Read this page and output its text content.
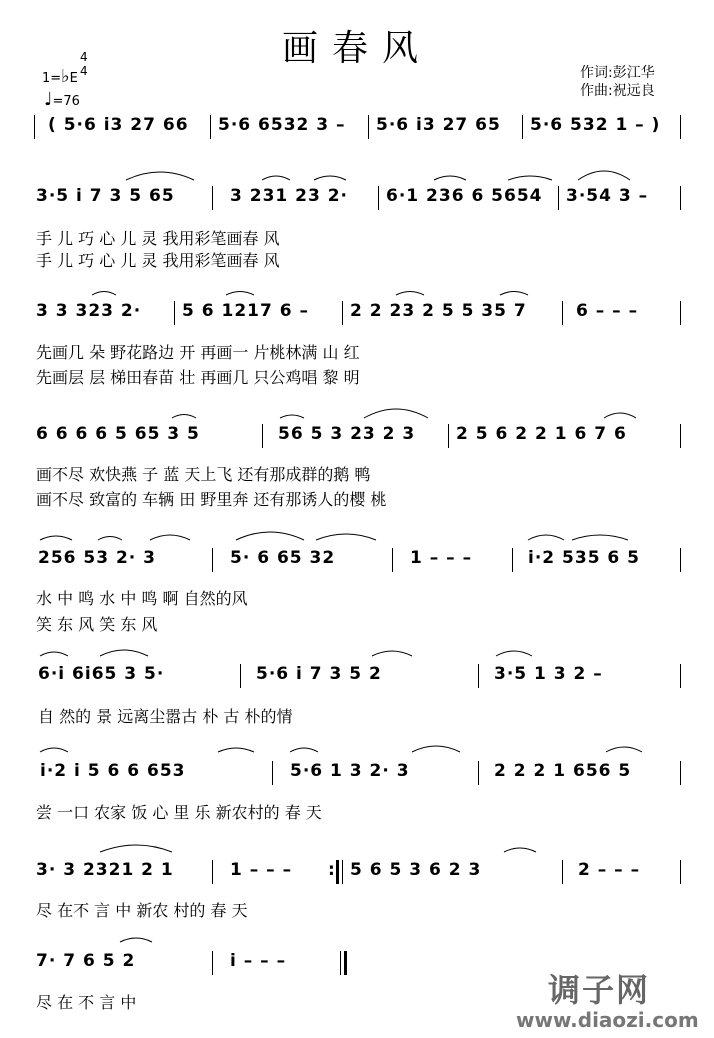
画春风
作词:彭江华
作曲:祝远良
1=♭E
4
4
♩=76
( 5·6 i3 27 66 5·6 6532 3 – 5·6 i3 27 65 5·6 532 1 – )
3·5 i 7 3 5 65	3 231 23 2· 6·1 236 6 5654 3·54 3 –
手 儿 巧 心 儿 灵 我用彩笔画春 风
手 儿 巧 心 儿 灵 我用彩笔画春 风
3 3 323 2· 5 6 1217 6 – 2 2 23 2 5 5 35 7	6 – – –
先画几 朵 野花路边 开 再画一 片桃林满 山 红
先画层 层 梯田春苗 壮 再画几 只公鸡唱 黎 明
6 6 6 6 5 65 3 5	56 5 3 23 2 3 2 5 6 2 2 1 6 7 6
画不尽 欢快燕 子 蓝 天上飞 还有那成群的鹅 鸭
画不尽 致富的 车辆 田 野里奔 还有那诱人的樱 桃
256 53 2· 3	5· 6 65 32	1 – – –	i·2 535 6 5
水 中 鸣 水 中 鸣 啊 自然的风
笑 东 风 笑 东 风
6·i 6i65 3 5·	5·6 i 7 3 5 2	3·5 1 3 2 –
自 然的 景 远离尘嚣古 朴 古 朴的情
i·2 i 5 6 6 653	5·6 1 3 2· 3	2 2 2 1 656 5
尝 一口 农家 饭 心 里 乐 新农村的 春 天
3· 3 2321 2 1	1 – – – : 5 6 5 3 6 2 3	2 – – –
尽 在不 言 中 新农 村的 春 天
7· 7 6 5 2	i – – –
尽 在 不 言 中	调子网
www.diaozi.com
